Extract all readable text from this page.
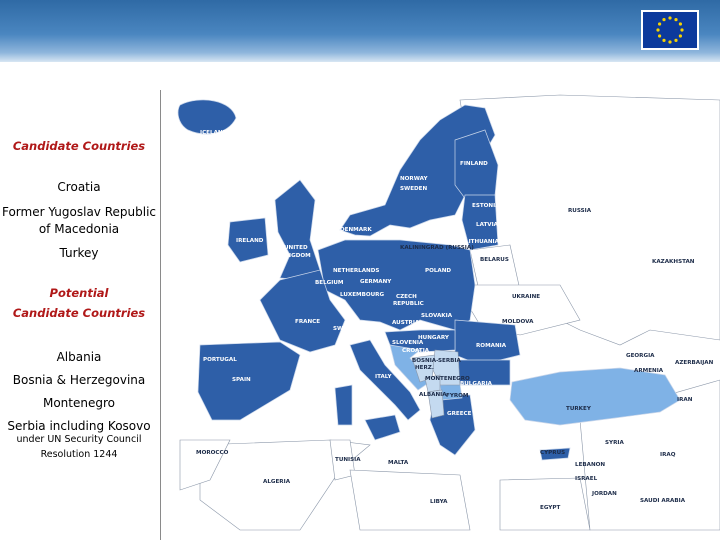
Candidate Countries
Croatia
Former Yugoslav Republic of Macedonia
Turkey
Potential
Candidate Countries
Albania
Bosnia & Herzegovina
Montenegro
Serbia including Kosovo
under UN Security Council
Resolution 1244
ICELAND
NORWAY
FINLAND
SWEDEN
ESTONIA
LATVIA
LITHUANIA
RUSSIA
KALININGRAD (RUSSIA)
DENMARK
IRELAND
UNITED
KINGDOM
NETHERLANDS
BELGIUM
LUXEMBOURG
GERMANY
POLAND
BELARUS	KAZAKHSTAN
UKRAINE
CZECH
REPUBLIC
SLOVAKIA
AUSTRIA
HUNGARY
MOLDOVA
FRANCE
SWITZERLAND
SLOVENIA
CROATIA
ROMANIA
BOSNIA-
HERZ.
SERBIA
MONTENEGRO
BULGARIA
ITALY
PORTUGAL
SPAIN
ALBANIA FYROM
GREECE
TURKEY
GEORGIA
ARMENIA
AZERBAIJAN
IRAN
SYRIA
IRAQ
CYPRUS
LEBANON
ISRAEL
JORDAN
SAUDI ARABIA
EGYPT
LIBYA
TUNISIA	MALTA
MOROCCO
ALGERIA
